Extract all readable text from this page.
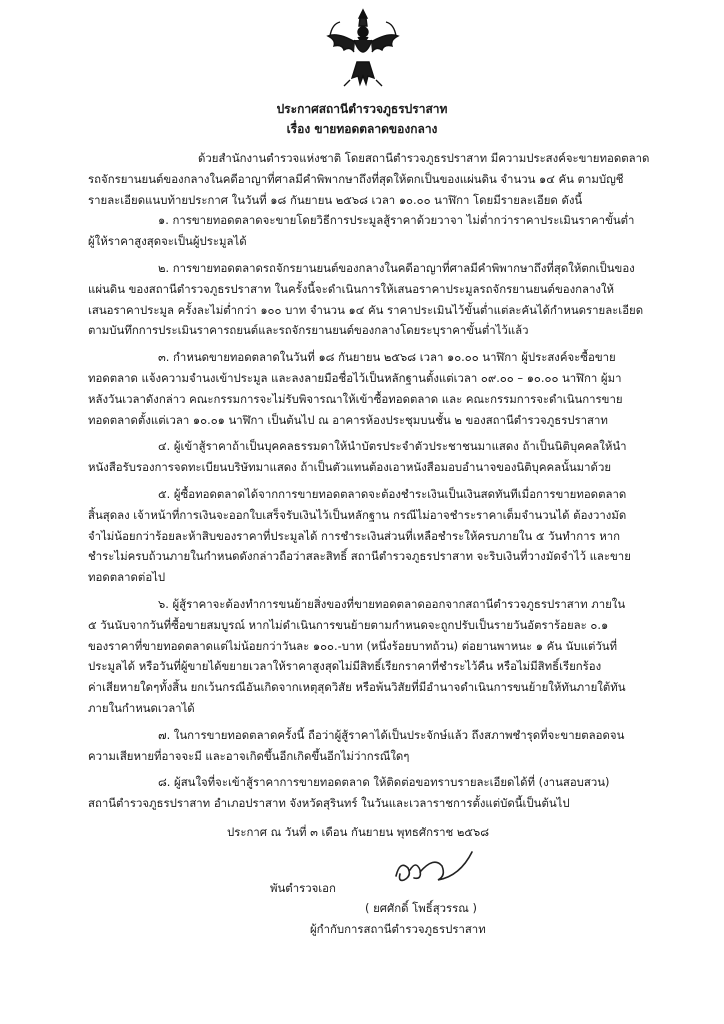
ประกาศสถานีตำรวจภูธรปราสาท
เรื่อง ขายทอดตลาดของกลาง
ด้วยสำนักงานตำรวจแห่งชาติ โดยสถานีตำรวจภูธรปราสาท มีความประสงค์จะขายทอดตลาด
รถจักรยานยนต์ของกลางในคดีอาญาที่ศาลมีคำพิพากษาถึงที่สุดให้ตกเป็นของแผ่นดิน จำนวน ๑๔ คัน ตามบัญชี
รายละเอียดแนบท้ายประกาศ ในวันที่ ๑๘ กันยายน ๒๕๖๘ เวลา ๑๐.๐๐ นาฬิกา โดยมีรายละเอียด ดังนี้
๑. การขายทอดตลาดจะขายโดยวิธีการประมูลสู้ราคาด้วยวาจา ไม่ต่ำกว่าราคาประเมินราคาขั้นต่ำ
ผู้ให้ราคาสูงสุดจะเป็นผู้ประมูลได้
๒. การขายทอดตลาดรถจักรยานยนต์ของกลางในคดีอาญาที่ศาลมีคำพิพากษาถึงที่สุดให้ตกเป็นของ
แผ่นดิน ของสถานีตำรวจภูธรปราสาท ในครั้งนี้จะดำเนินการให้เสนอราคาประมูลรถจักรยานยนต์ของกลางให้
เสนอราคาประมูล ครั้งละไม่ต่ำกว่า ๑๐๐ บาท จำนวน ๑๔ คัน ราคาประเมินไว้ขั้นต่ำแต่ละคันได้กำหนดรายละเอียด
ตามบันทึกการประเมินราคารถยนต์และรถจักรยานยนต์ของกลางโดยระบุราคาขั้นต่ำไว้แล้ว
๓. กำหนดขายทอดตลาดในวันที่ ๑๘ กันยายน ๒๕๖๘ เวลา ๑๐.๐๐ นาฬิกา ผู้ประสงค์จะซื้อขาย
ทอดตลาด แจ้งความจำนงเข้าประมูล และลงลายมือชื่อไว้เป็นหลักฐานตั้งแต่เวลา ๐๙.๐๐ – ๑๐.๐๐ นาฬิกา ผู้มา
หลังวันเวลาดังกล่าว คณะกรรมการจะไม่รับพิจารณาให้เข้าซื้อทอดตลาด และ คณะกรรมการจะดำเนินการขาย
ทอดตลาดตั้งแต่เวลา ๑๐.๐๑ นาฬิกา เป็นต้นไป ณ อาคารห้องประชุมบนชั้น ๒ ของสถานีตำรวจภูธรปราสาท
๔. ผู้เข้าสู้ราคาถ้าเป็นบุคคลธรรมดาให้นำบัตรประจำตัวประชาชนมาแสดง ถ้าเป็นนิติบุคคลให้นำ
หนังสือรับรองการจดทะเบียนบริษัทมาแสดง ถ้าเป็นตัวแทนต้องเอาหนังสือมอบอำนาจของนิติบุคคลนั้นมาด้วย
๕. ผู้ซื้อทอดตลาดได้จากการขายทอดตลาดจะต้องชำระเงินเป็นเงินสดทันทีเมื่อการขายทอดตลาด
สิ้นสุดลง เจ้าหน้าที่การเงินจะออกใบเสร็จรับเงินไว้เป็นหลักฐาน กรณีไม่อาจชำระราคาเต็มจำนวนได้ ต้องวางมัด
จำไม่น้อยกว่าร้อยละห้าสิบของราคาที่ประมูลได้ การชำระเงินส่วนที่เหลือชำระให้ครบภายใน ๕ วันทำการ หาก
ชำระไม่ครบถ้วนภายในกำหนดดังกล่าวถือว่าสละสิทธิ์ สถานีตำรวจภูธรปราสาท จะริบเงินที่วางมัดจำไว้ และขาย
ทอดตลาดต่อไป
๖. ผู้สู้ราคาจะต้องทำการขนย้ายสิ่งของที่ขายทอดตลาดออกจากสถานีตำรวจภูธรปราสาท ภายใน
๕ วันนับจากวันที่ซื้อขายสมบูรณ์ หากไม่ดำเนินการขนย้ายตามกำหนดจะถูกปรับเป็นรายวันอัตราร้อยละ ๐.๑
ของราคาที่ขายทอดตลาดแต่ไม่น้อยกว่าวันละ ๑๐๐.-บาท (หนึ่งร้อยบาทถ้วน) ต่อยานพาหนะ ๑ คัน นับแต่วันที่
ประมูลได้ หรือวันที่ผู้ขายได้ขยายเวลาให้ราคาสูงสุดไม่มีสิทธิ์เรียกราคาที่ชำระไว้คืน หรือไม่มีสิทธิ์เรียกร้อง
ค่าเสียหายใดๆทั้งสิ้น ยกเว้นกรณีอันเกิดจากเหตุสุดวิสัย หรือพ้นวิสัยที่มีอำนาจดำเนินการขนย้ายให้ทันภายใต้ทัน
ภายในกำหนดเวลาได้
๗. ในการขายทอดตลาดครั้งนี้ ถือว่าผู้สู้ราคาได้เป็นประจักษ์แล้ว ถึงสภาพชำรุดที่จะขายตลอดจน
ความเสียหายที่อาจจะมี และอาจเกิดขึ้นอีกเกิดขึ้นอีกไม่ว่ากรณีใดๆ
๘. ผู้สนใจที่จะเข้าสู้ราคาการขายทอดตลาด ให้ติดต่อขอทราบรายละเอียดได้ที่ (งานสอบสวน)
สถานีตำรวจภูธรปราสาท อำเภอปราสาท จังหวัดสุรินทร์ ในวันและเวลาราชการตั้งแต่บัดนี้เป็นต้นไป
ประกาศ ณ วันที่ ๓ เดือน กันยายน พุทธศักราช ๒๕๖๘
พันตำรวจเอก
( ยศศักดิ์ โพธิ์สุวรรณ )
ผู้กำกับการสถานีตำรวจภูธรปราสาท
